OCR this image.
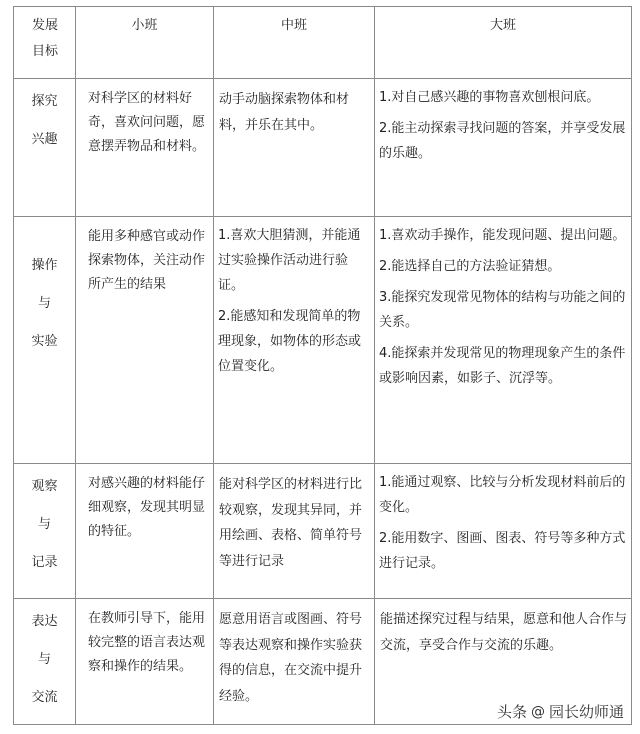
发展目标	小班	中班	大班

探究
兴趣	对科学区的材料好奇，喜欢问问题，愿意摆弄物品和材料。	动手动脑探索物体和材料，并乐在其中。	1.对自己感兴趣的事物喜欢刨根问底。
2.能主动探索寻找问题的答案，并享受发展的乐趣。

操作
与
实验	能用多种感官或动作探索物体，关注动作所产生的结果	1.喜欢大胆猜测，并能通过实验操作活动进行验证。
2.能感知和发现简单的物理现象，如物体的形态或位置变化。	1.喜欢动手操作，能发现问题、提出问题。
2.能选择自己的方法验证猜想。
3.能探究发现常见物体的结构与功能之间的关系。
4.能探索并发现常见的物理现象产生的条件或影响因素，如影子、沉浮等。

观察
与
记录	对感兴趣的材料能仔细观察，发现其明显的特征。	能对科学区的材料进行比较观察，发现其异同，并用绘画、表格、简单符号等进行记录	1.能通过观察、比较与分析发现材料前后的变化。
2.能用数字、图画、图表、符号等多种方式进行记录。

表达
与
交流	在教师引导下，能用较完整的语言表达观察和操作的结果。	愿意用语言或图画、符号等表达观察和操作实验获得的信息，在交流中提升经验。	能描述探究过程与结果，愿意和他人合作与交流，享受合作与交流的乐趣。
头条 @ 园长幼师通
